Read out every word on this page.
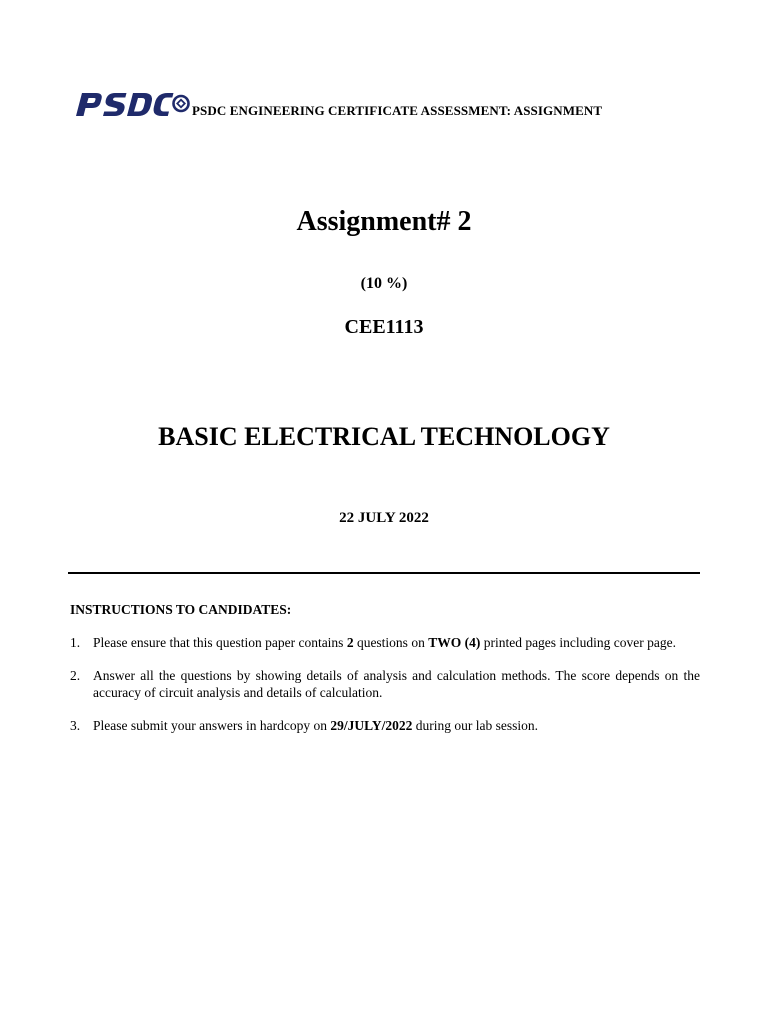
PSDC ENGINEERING CERTIFICATE ASSESSMENT: ASSIGNMENT
Assignment# 2
(10 %)
CEE1113
BASIC ELECTRICAL TECHNOLOGY
22 JULY 2022
INSTRUCTIONS TO CANDIDATES:
1. Please ensure that this question paper contains 2 questions on TWO (4) printed pages including cover page.
2. Answer all the questions by showing details of analysis and calculation methods. The score depends on the accuracy of circuit analysis and details of calculation.
3. Please submit your answers in hardcopy on 29/JULY/2022 during our lab session.
